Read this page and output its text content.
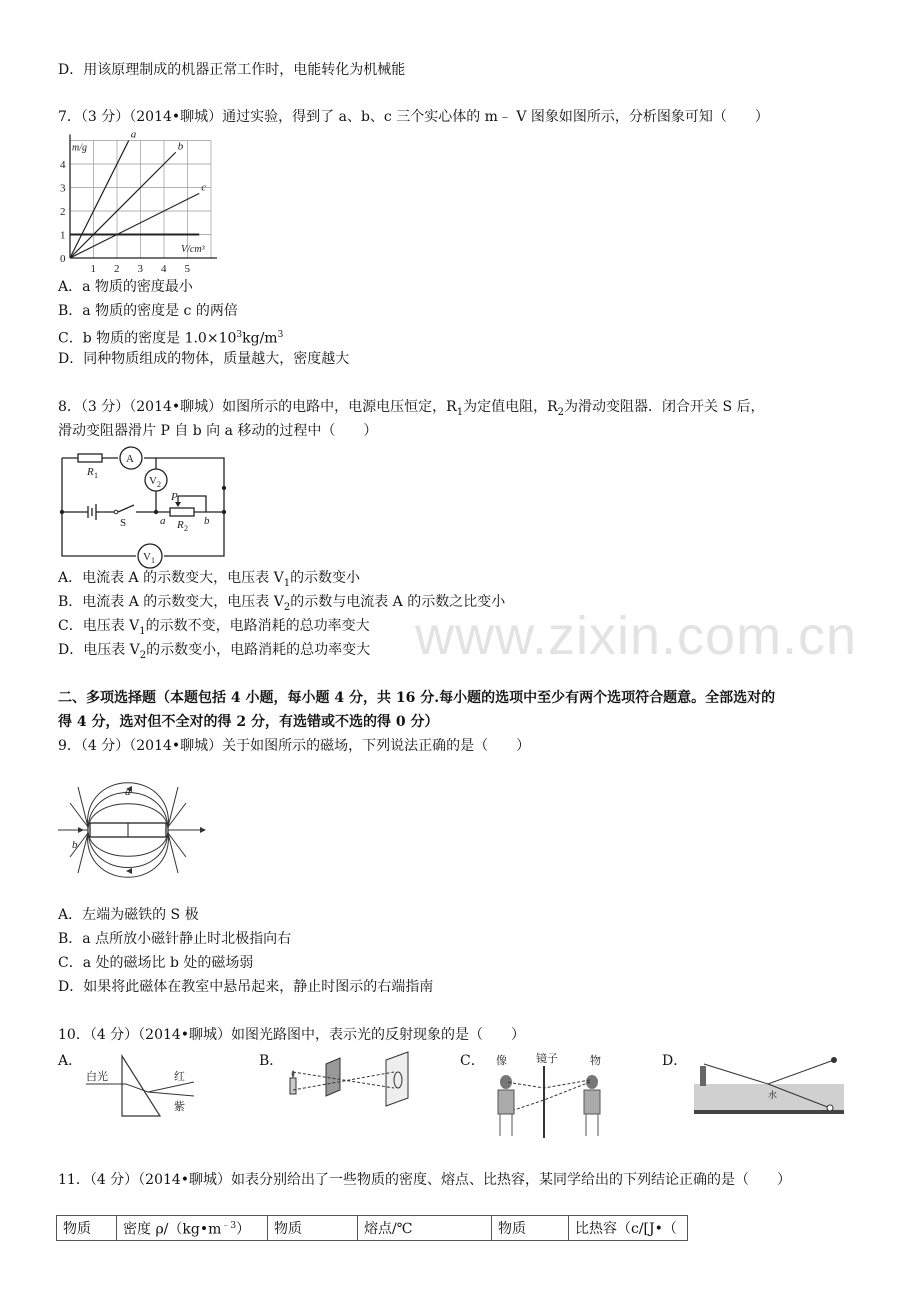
www.zixin.com.cn
D．用该原理制成的机器正常工作时，电能转化为机械能
7．（3 分）（2014•聊城）通过实验，得到了 a、b、c 三个实心体的 m﹣ V 图象如图所示，分析图象可知（　　）
a
b
c
1 2 3 4 5
1
2
3
4
0
m/g
V/cm³
A．a 物质的密度最小
B．a 物质的密度是 c 的两倍
C．b 物质的密度是 $1.0\times 10^3kg/m^3$
D．同种物质组成的物体，质量越大，密度越大
8．（3 分）（2014•聊城）如图所示的电路中，电源电压恒定，$R_1$为定值电阻，$R_2$为滑动变阻器．闭合开关 S 后，
滑动变阻器滑片 P 自 b 向 a 移动的过程中（　　）
R 1
A
V 2
P
R 2
a	b
S
V 1
A．电流表 A 的示数变大，电压表 $V_1$的示数变小
B．电流表 A 的示数变大，电压表 $V_2$的示数与电流表 A 的示数之比变小
C．电压表 $V_1$的示数不变，电路消耗的总功率变大
D．电压表 $V_2$的示数变小，电路消耗的总功率变大
二、多项选择题（本题包括 4 小题，每小题 4 分，共 16 分.每小题的选项中至少有两个选项符合题意。全部选对的
得 4 分，选对但不全对的得 2 分，有选错或不选的得 0 分）
9．（4 分）（2014•聊城）关于如图所示的磁场，下列说法正确的是（　　）
a
b
A．左端为磁铁的 S 极
B．a 点所放小磁针静止时北极指向右
C．a 处的磁场比 b 处的磁场弱
D．如果将此磁体在教室中悬吊起来，静止时图示的右端指南
10．（4 分）（2014•聊城）如图光路图中，表示光的反射现象的是（　　）
A．	B．	C．	D．
白光	红
紫
像	镜子	物
水
11．（4 分）（2014•聊城）如表分别给出了一些物质的密度、熔点、比热容，某同学给出的下列结论正确的是（　　）
物质	密度 $\rho/(kg•m^{﹣3})$	物质	熔点/℃	物质	比热容（c/[J•（
